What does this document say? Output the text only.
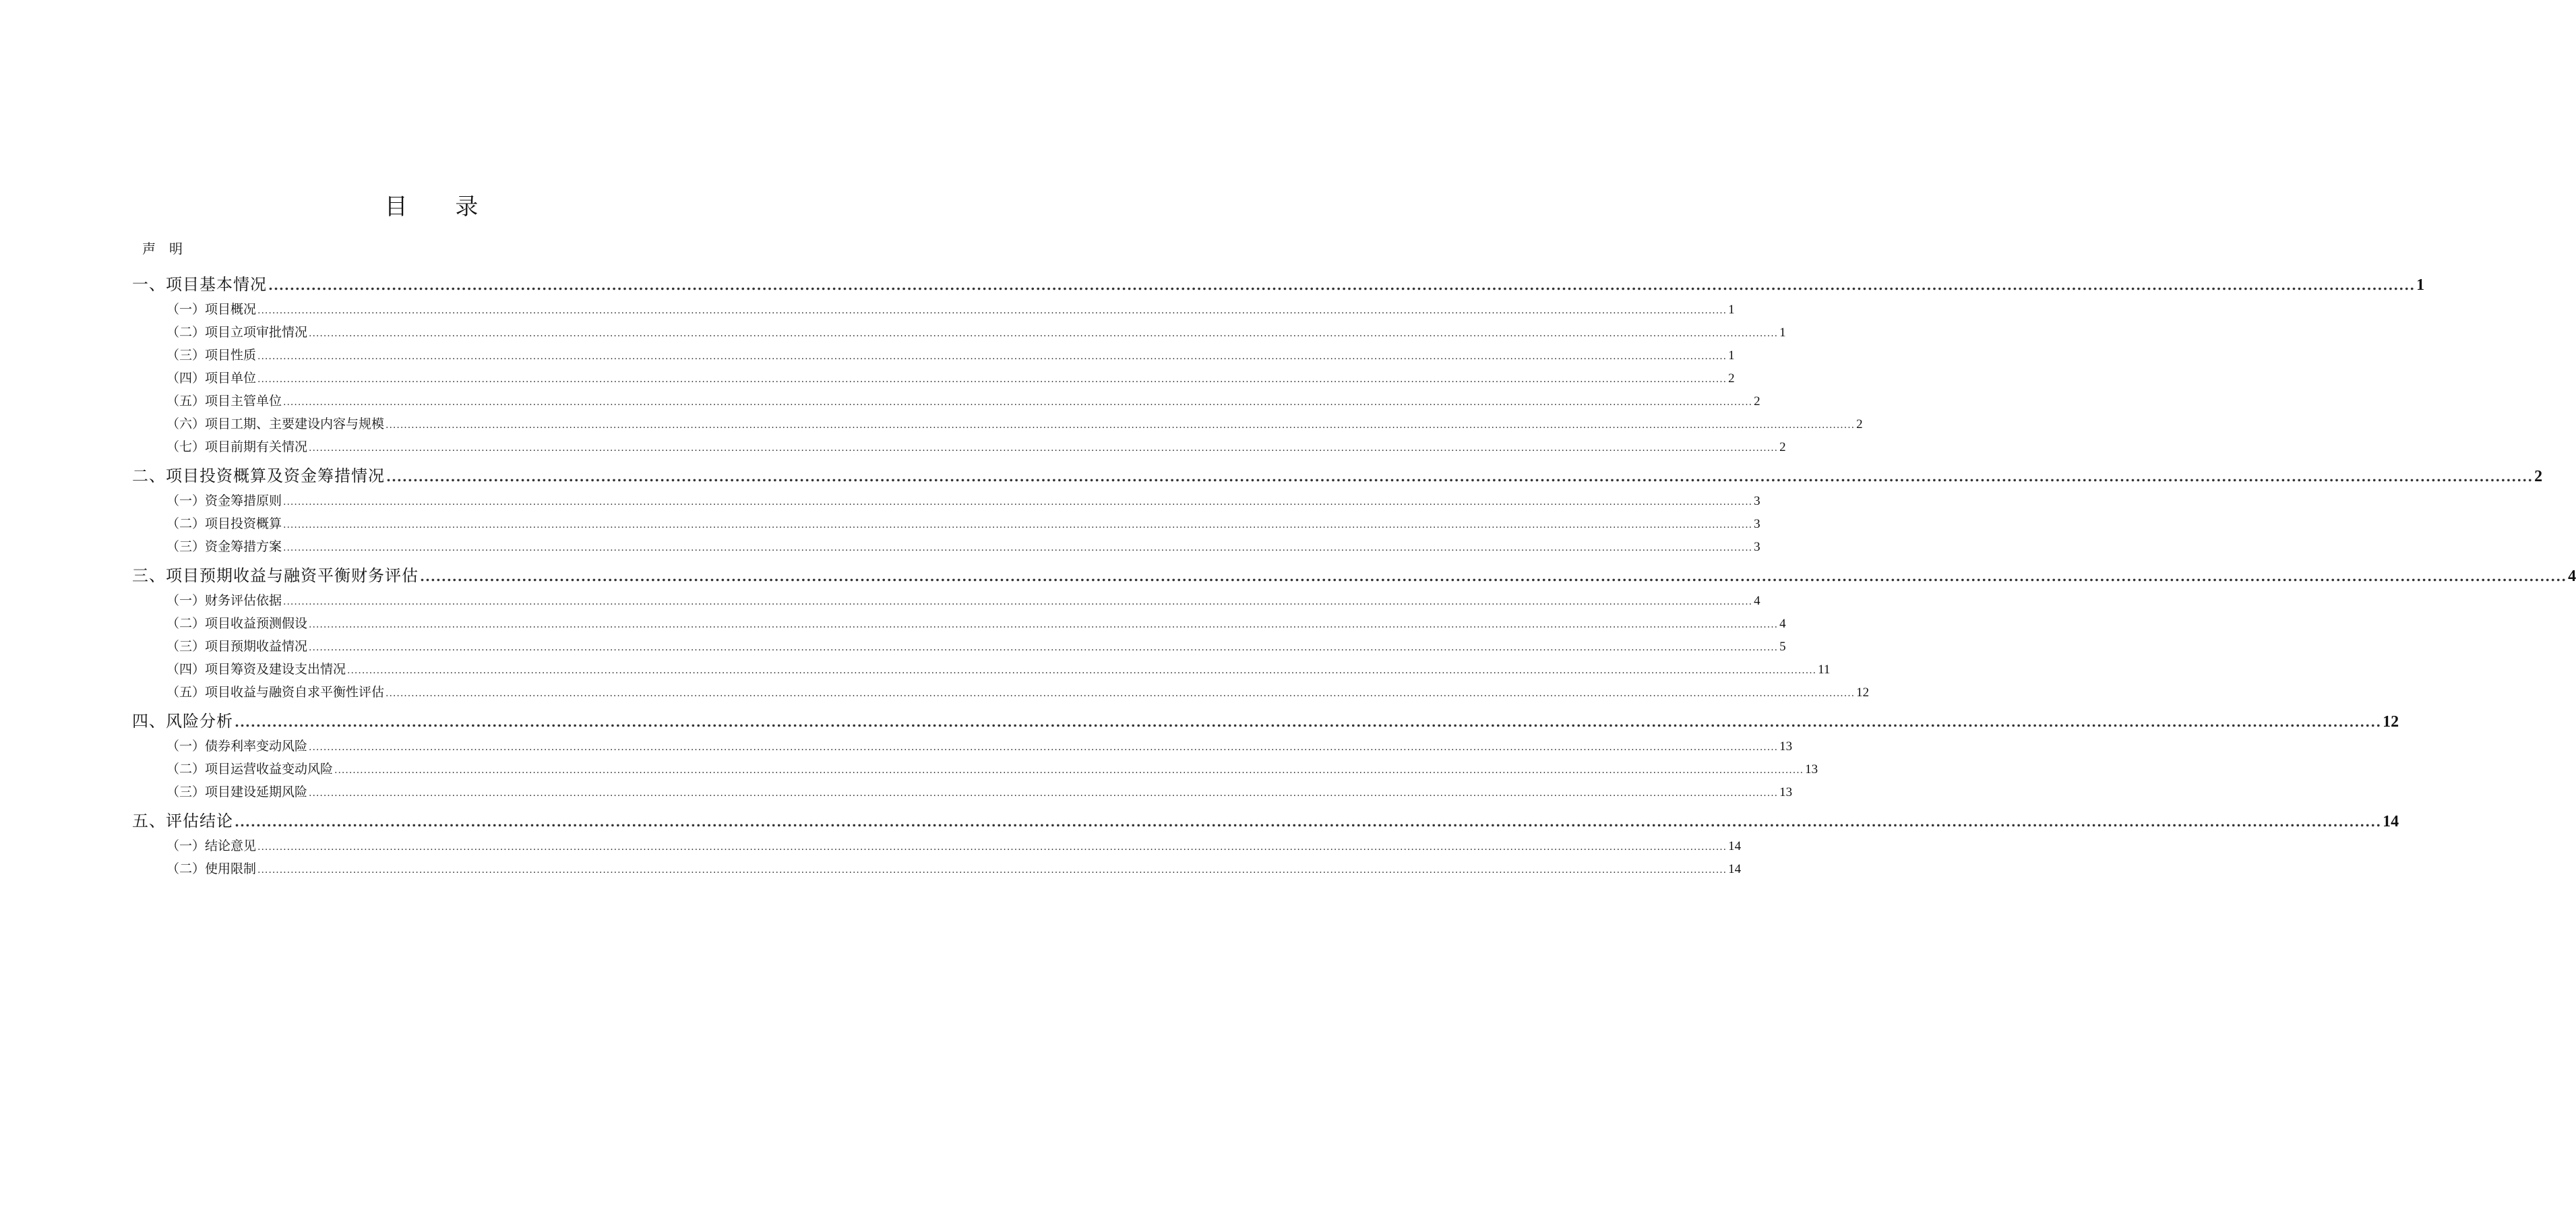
目 录
声明
一、项目基本情况 ................................................................................................................................................................................................................................................................................................................................................................................................................ 1
（一）项目概况 ................................................................................................................................................................................................................................................................................................................................................................................................................ 1
（二）项目立项审批情况 ................................................................................................................................................................................................................................................................................................................................................................................................................ 1
（三）项目性质 ................................................................................................................................................................................................................................................................................................................................................................................................................ 1
（四）项目单位 ................................................................................................................................................................................................................................................................................................................................................................................................................ 2
（五）项目主管单位 ................................................................................................................................................................................................................................................................................................................................................................................................................ 2
（六）项目工期、主要建设内容与规模 ................................................................................................................................................................................................................................................................................................................................................................................................................ 2
（七）项目前期有关情况 ................................................................................................................................................................................................................................................................................................................................................................................................................ 2
二、项目投资概算及资金筹措情况 ................................................................................................................................................................................................................................................................................................................................................................................................................ 2
（一）资金筹措原则 ................................................................................................................................................................................................................................................................................................................................................................................................................ 3
（二）项目投资概算 ................................................................................................................................................................................................................................................................................................................................................................................................................ 3
（三）资金筹措方案 ................................................................................................................................................................................................................................................................................................................................................................................................................ 3
三、项目预期收益与融资平衡财务评估 ................................................................................................................................................................................................................................................................................................................................................................................................................ 4
（一）财务评估依据 ................................................................................................................................................................................................................................................................................................................................................................................................................ 4
（二）项目收益预测假设 ................................................................................................................................................................................................................................................................................................................................................................................................................ 4
（三）项目预期收益情况 ................................................................................................................................................................................................................................................................................................................................................................................................................ 5
（四）项目筹资及建设支出情况 ................................................................................................................................................................................................................................................................................................................................................................................................................ 11
（五）项目收益与融资自求平衡性评估 ................................................................................................................................................................................................................................................................................................................................................................................................................ 12
四、风险分析 ................................................................................................................................................................................................................................................................................................................................................................................................................ 12
（一）债券利率变动风险 ................................................................................................................................................................................................................................................................................................................................................................................................................ 13
（二）项目运营收益变动风险 ................................................................................................................................................................................................................................................................................................................................................................................................................ 13
（三）项目建设延期风险 ................................................................................................................................................................................................................................................................................................................................................................................................................ 13
五、评估结论 ................................................................................................................................................................................................................................................................................................................................................................................................................ 14
（一）结论意见 ................................................................................................................................................................................................................................................................................................................................................................................................................ 14
（二）使用限制 ................................................................................................................................................................................................................................................................................................................................................................................................................ 14
